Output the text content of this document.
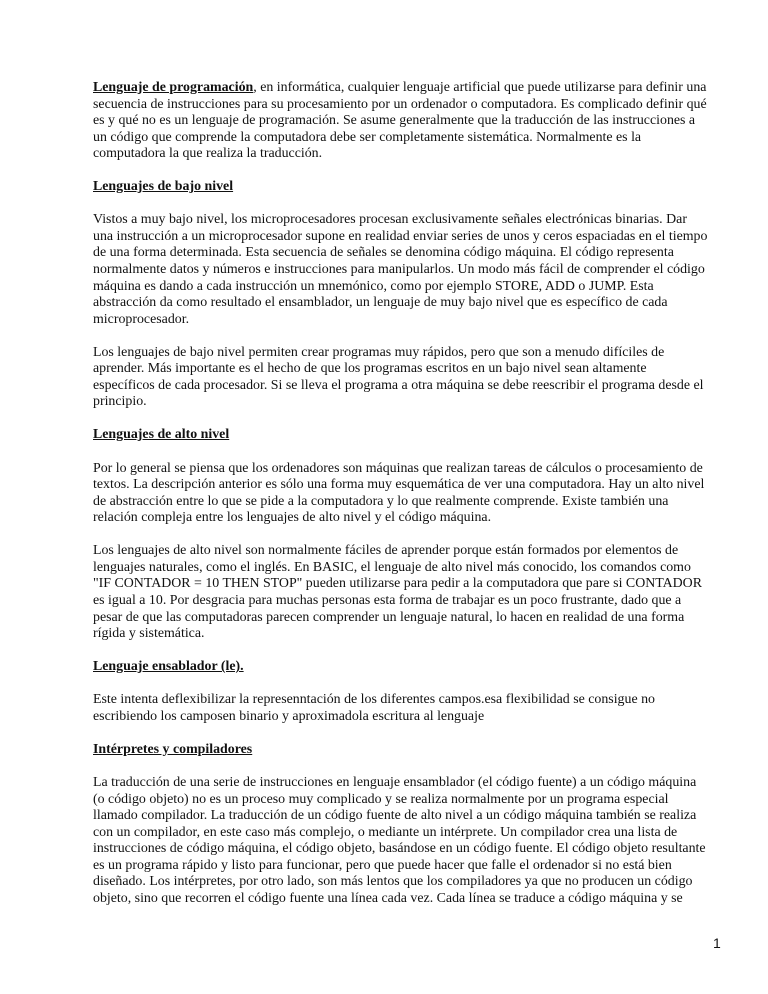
Lenguaje de programación, en informática, cualquier lenguaje artificial que puede utilizarse para definir una
secuencia de instrucciones para su procesamiento por un ordenador o computadora. Es complicado definir qué
es y qué no es un lenguaje de programación. Se asume generalmente que la traducción de las instrucciones a
un código que comprende la computadora debe ser completamente sistemática. Normalmente es la
computadora la que realiza la traducción.
Lenguajes de bajo nivel
Vistos a muy bajo nivel, los microprocesadores procesan exclusivamente señales electrónicas binarias. Dar
una instrucción a un microprocesador supone en realidad enviar series de unos y ceros espaciadas en el tiempo
de una forma determinada. Esta secuencia de señales se denomina código máquina. El código representa
normalmente datos y números e instrucciones para manipularlos. Un modo más fácil de comprender el código
máquina es dando a cada instrucción un mnemónico, como por ejemplo STORE, ADD o JUMP. Esta
abstracción da como resultado el ensamblador, un lenguaje de muy bajo nivel que es específico de cada
microprocesador.
Los lenguajes de bajo nivel permiten crear programas muy rápidos, pero que son a menudo difíciles de
aprender. Más importante es el hecho de que los programas escritos en un bajo nivel sean altamente
específicos de cada procesador. Si se lleva el programa a otra máquina se debe reescribir el programa desde el
principio.
Lenguajes de alto nivel
Por lo general se piensa que los ordenadores son máquinas que realizan tareas de cálculos o procesamiento de
textos. La descripción anterior es sólo una forma muy esquemática de ver una computadora. Hay un alto nivel
de abstracción entre lo que se pide a la computadora y lo que realmente comprende. Existe también una
relación compleja entre los lenguajes de alto nivel y el código máquina.
Los lenguajes de alto nivel son normalmente fáciles de aprender porque están formados por elementos de
lenguajes naturales, como el inglés. En BASIC, el lenguaje de alto nivel más conocido, los comandos como
"IF CONTADOR = 10 THEN STOP" pueden utilizarse para pedir a la computadora que pare si CONTADOR
es igual a 10. Por desgracia para muchas personas esta forma de trabajar es un poco frustrante, dado que a
pesar de que las computadoras parecen comprender un lenguaje natural, lo hacen en realidad de una forma
rígida y sistemática.
Lenguaje ensablador (le).
Este intenta deflexibilizar la represenntación de los diferentes campos.esa flexibilidad se consigue no
escribiendo los camposen binario y aproximadola escritura al lenguaje
Intérpretes y compiladores
La traducción de una serie de instrucciones en lenguaje ensamblador (el código fuente) a un código máquina
(o código objeto) no es un proceso muy complicado y se realiza normalmente por un programa especial
llamado compilador. La traducción de un código fuente de alto nivel a un código máquina también se realiza
con un compilador, en este caso más complejo, o mediante un intérprete. Un compilador crea una lista de
instrucciones de código máquina, el código objeto, basándose en un código fuente. El código objeto resultante
es un programa rápido y listo para funcionar, pero que puede hacer que falle el ordenador si no está bien
diseñado. Los intérpretes, por otro lado, son más lentos que los compiladores ya que no producen un código
objeto, sino que recorren el código fuente una línea cada vez. Cada línea se traduce a código máquina y se
1
